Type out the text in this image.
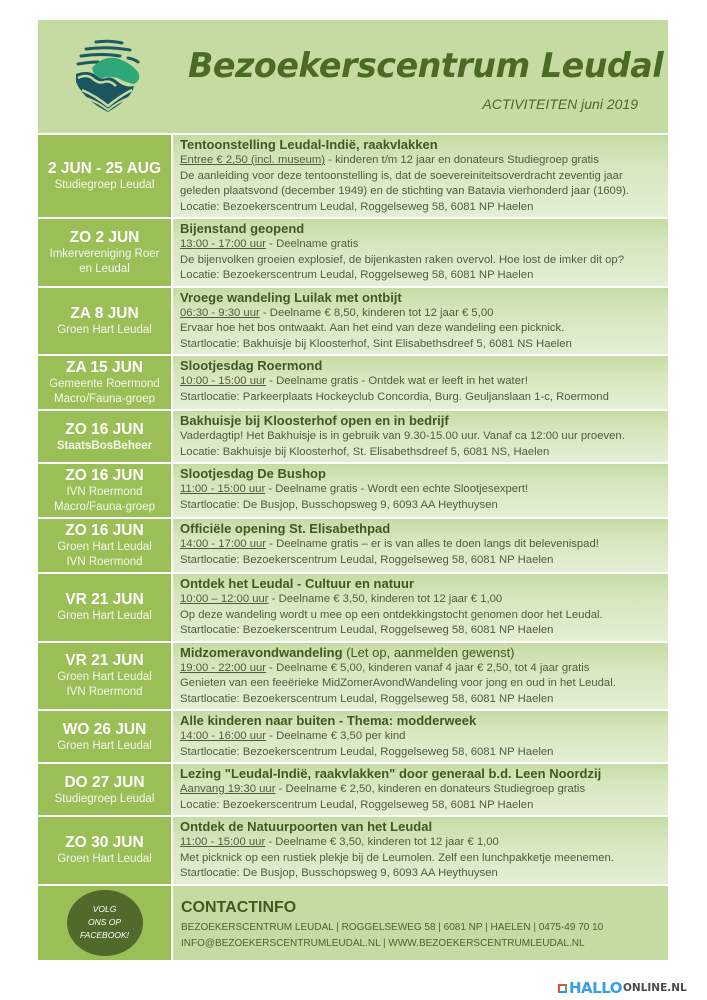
Bezoekerscentrum Leudal
ACTIVITEITEN juni 2019
2 JUN - 25 AUG
Studiegroep Leudal
Tentoonstelling Leudal-Indië, raakvlakken
Entree € 2,50 (incl. museum) - kinderen t/m 12 jaar en donateurs Studiegroep gratis
De aanleiding voor deze tentoonstelling is, dat de soevereiniteitsoverdracht zeventig jaar
geleden plaatsvond (december 1949) en de stichting van Batavia vierhonderd jaar (1609).
Locatie: Bezoekerscentrum Leudal, Roggelseweg 58, 6081 NP Haelen
ZO 2 JUN
Imkervereniging Roer
en Leudal
Bijenstand geopend
13:00 - 17:00 uur - Deelname gratis
De bijenvolken groeien explosief, de bijenkasten raken overvol. Hoe lost de imker dit op?
Locatie: Bezoekerscentrum Leudal, Roggelseweg 58, 6081 NP Haelen
ZA 8 JUN
Groen Hart Leudal
Vroege wandeling Luilak met ontbijt
06:30 - 9:30 uur - Deelname € 8,50, kinderen tot 12 jaar € 5,00
Ervaar hoe het bos ontwaakt. Aan het eind van deze wandeling een picknick.
Startlocatie: Bakhuisje bij Kloosterhof, Sint Elisabethsdreef 5, 6081 NS Haelen
ZA 15 JUN
Gemeente Roermond
Macro/Fauna-groep
Slootjesdag Roermond
10:00 - 15:00 uur - Deelname gratis - Ontdek wat er leeft in het water!
Startlocatie: Parkeerplaats Hockeyclub Concordia, Burg. Geuljanslaan 1-c, Roermond
ZO 16 JUN
StaatsBosBeheer
Bakhuisje bij Kloosterhof open en in bedrijf
Vaderdagtip! Het Bakhuisje is in gebruik van 9.30-15.00 uur. Vanaf ca 12:00 uur proeven.
Locatie: Bakhuisje bij Kloosterhof, St. Elisabethsdreef 5, 6081 NS, Haelen
ZO 16 JUN
IVN Roermond
Macro/Fauna-groep
Slootjesdag De Bushop
11:00 - 15:00 uur - Deelname gratis - Wordt een echte Slootjesexpert!
Startlocatie: De Busjop, Busschopsweg 9, 6093 AA Heythuysen
ZO 16 JUN
Groen Hart Leudal
IVN Roermond
Officiële opening St. Elisabethpad
14:00 - 17:00 uur - Deelname gratis – er is van alles te doen langs dit belevenispad!
Startlocatie: Bezoekerscentrum Leudal, Roggelseweg 58, 6081 NP Haelen
VR 21 JUN
Groen Hart Leudal
Ontdek het Leudal - Cultuur en natuur
10:00 – 12:00 uur - Deelname € 3,50, kinderen tot 12 jaar € 1,00
Op deze wandeling wordt u mee op een ontdekkingstocht genomen door het Leudal.
Startlocatie: Bezoekerscentrum Leudal, Roggelseweg 58, 6081 NP Haelen
VR 21 JUN
Groen Hart Leudal
IVN Roermond
Midzomeravondwandeling (Let op, aanmelden gewenst)
19:00 - 22:00 uur - Deelname € 5,00, kinderen vanaf 4 jaar € 2,50, tot 4 jaar gratis
Genieten van een feeërieke MidZomerAvondWandeling voor jong en oud in het Leudal.
Startlocatie: Bezoekerscentrum Leudal, Roggelseweg 58, 6081 NP Haelen
WO 26 JUN
Groen Hart Leudal
Alle kinderen naar buiten - Thema: modderweek
14:00 - 16:00 uur - Deelname € 3,50 per kind
Startlocatie: Bezoekerscentrum Leudal, Roggelseweg 58, 6081 NP Haelen
DO 27 JUN
Studiegroep Leudal
Lezing "Leudal-Indië, raakvlakken" door generaal b.d. Leen Noordzij
Aanvang 19:30 uur - Deelname € 2,50, kinderen en donateurs Studiegroep gratis
Locatie: Bezoekerscentrum Leudal, Roggelseweg 58, 6081 NP Haelen
ZO 30 JUN
Groen Hart Leudal
Ontdek de Natuurpoorten van het Leudal
11:00 - 15:00 uur - Deelname € 3,50, kinderen tot 12 jaar € 1,00
Met picknick op een rustiek plekje bij de Leumolen. Zelf een lunchpakketje meenemen.
Startlocatie: De Busjop, Busschopsweg 9, 6093 AA Heythuysen
VOLG
ONS OP
FACEBOOK!
CONTACTINFO
BEZOEKERSCENTRUM LEUDAL | ROGGELSEWEG 58 | 6081 NP | HAELEN | 0475-49 70 10
INFO@BEZOEKERSCENTRUMLEUDAL.NL | WWW.BEZOEKERSCENTRUMLEUDAL.NL
HALLO ONLINE.NL
